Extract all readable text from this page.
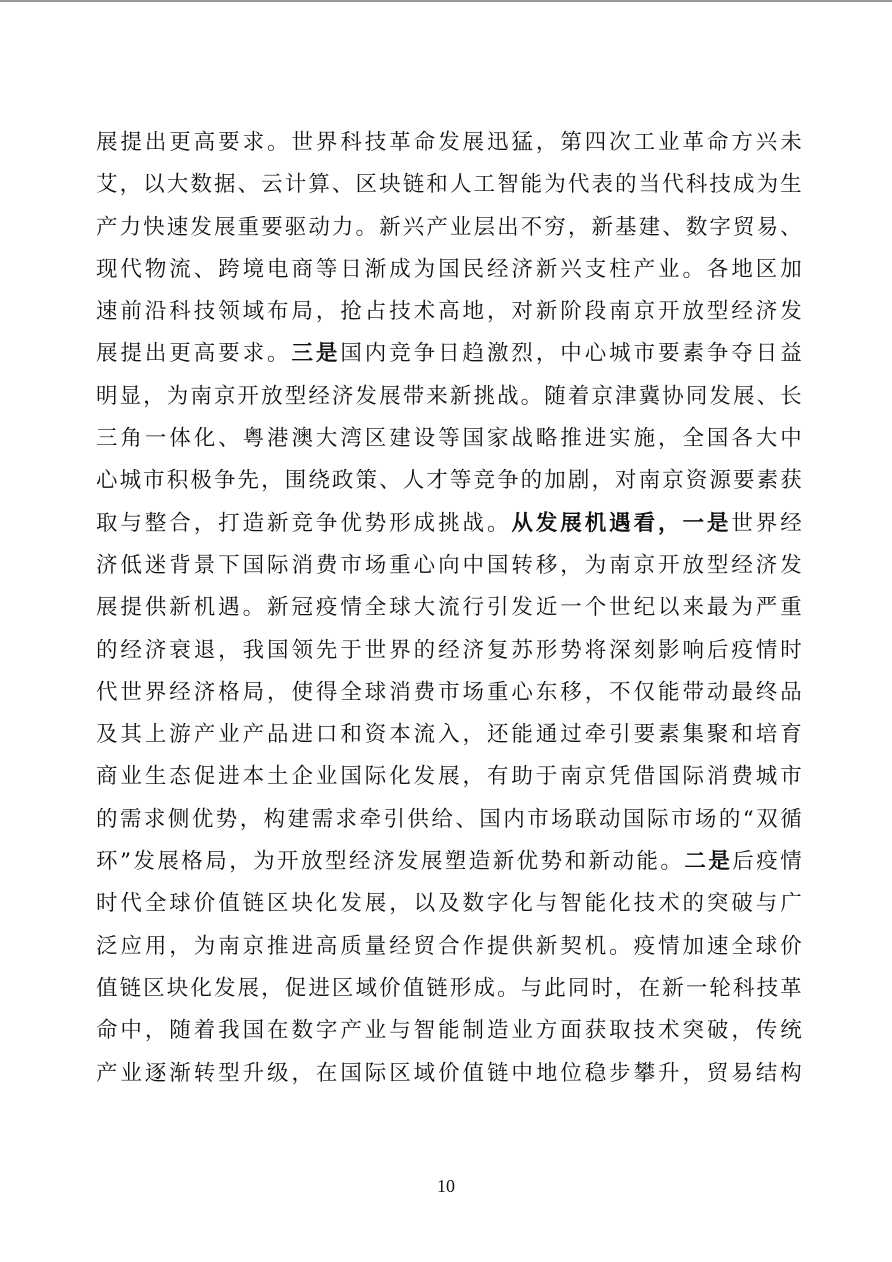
展提出更高要求。世界科技革命发展迅猛，第四次工业革命方兴未
艾，以大数据、云计算、区块链和人工智能为代表的当代科技成为生
产力快速发展重要驱动力。新兴产业层出不穷，新基建、数字贸易、
现代物流、跨境电商等日渐成为国民经济新兴支柱产业。各地区加
速前沿科技领域布局，抢占技术高地，对新阶段南京开放型经济发
展提出更高要求。三是国内竞争日趋激烈，中心城市要素争夺日益
明显，为南京开放型经济发展带来新挑战。随着京津冀协同发展、长
三角一体化、粤港澳大湾区建设等国家战略推进实施，全国各大中
心城市积极争先，围绕政策、人才等竞争的加剧，对南京资源要素获
取与整合，打造新竞争优势形成挑战。从发展机遇看，一是世界经
济低迷背景下国际消费市场重心向中国转移，为南京开放型经济发
展提供新机遇。新冠疫情全球大流行引发近一个世纪以来最为严重
的经济衰退，我国领先于世界的经济复苏形势将深刻影响后疫情时
代世界经济格局，使得全球消费市场重心东移，不仅能带动最终品
及其上游产业产品进口和资本流入，还能通过牵引要素集聚和培育
商业生态促进本土企业国际化发展，有助于南京凭借国际消费城市
的需求侧优势，构建需求牵引供给、国内市场联动国际市场的“双循
环”发展格局，为开放型经济发展塑造新优势和新动能。二是后疫情
时代全球价值链区块化发展，以及数字化与智能化技术的突破与广
泛应用，为南京推进高质量经贸合作提供新契机。疫情加速全球价
值链区块化发展，促进区域价值链形成。与此同时，在新一轮科技革
命中，随着我国在数字产业与智能制造业方面获取技术突破，传统
产业逐渐转型升级，在国际区域价值链中地位稳步攀升，贸易结构
10
